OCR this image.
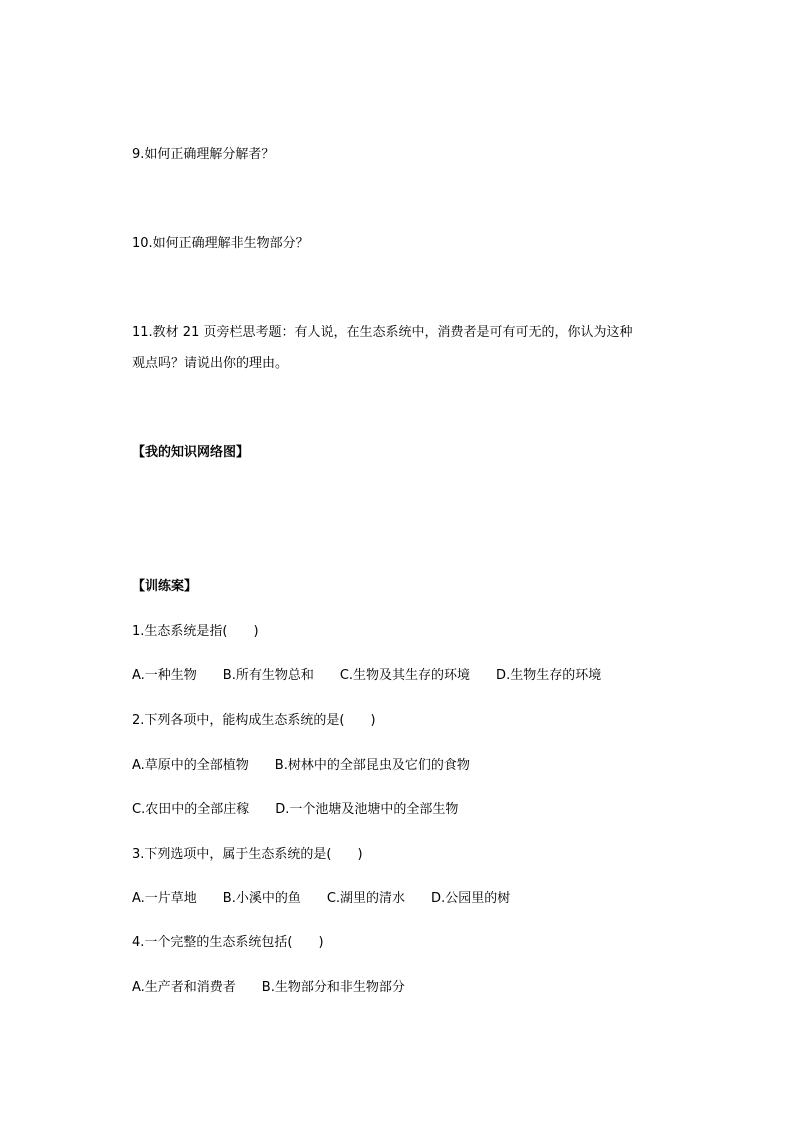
9.如何正确理解分解者？
10.如何正确理解非生物部分？
11.教材 21 页旁栏思考题：有人说，在生态系统中，消费者是可有可无的，你认为这种
观点吗？请说出你的理由。
【我的知识网络图】
【训练案】
1.生态系统是指(　　)
A.一种生物　　B.所有生物总和　　C.生物及其生存的环境　　D.生物生存的环境
2.下列各项中，能构成生态系统的是(　　)
A.草原中的全部植物　　B.树林中的全部昆虫及它们的食物
C.农田中的全部庄稼　　D.一个池塘及池塘中的全部生物
3.下列选项中，属于生态系统的是(　　)
A.一片草地　　B.小溪中的鱼　　C.湖里的清水　　D.公园里的树
4.一个完整的生态系统包括(　　)
A.生产者和消费者　　B.生物部分和非生物部分
